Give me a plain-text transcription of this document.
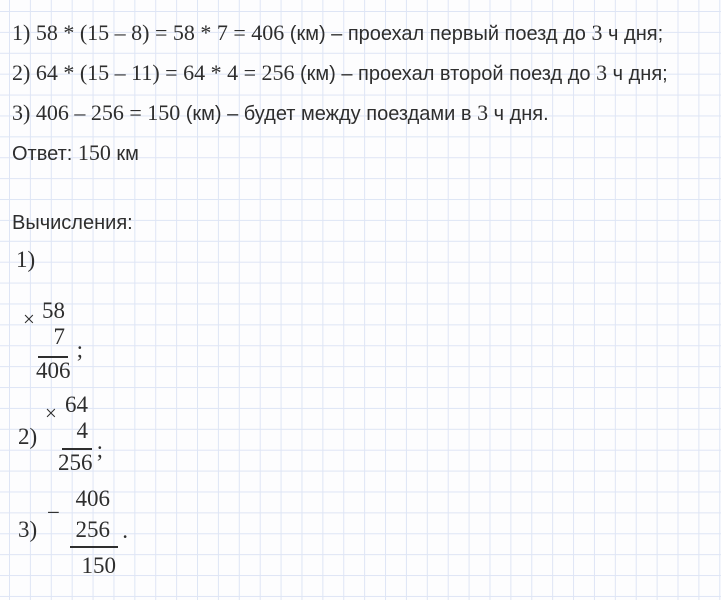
1) 58 * (15 – 8) = 58 * 7 = 406 (км) – проехал первый поезд до 3 ч дня;
2) 64 * (15 – 11) = 64 * 4 = 256 (км) – проехал второй поезд до 3 ч дня;
3) 406 – 256 = 150 (км) – будет между поездами в 3 ч дня.
Ответ: 150 км
Вычисления:
1)
× 58
7
406
;
2)
× 64
4
256
;
3)
−
406
256
150
.
